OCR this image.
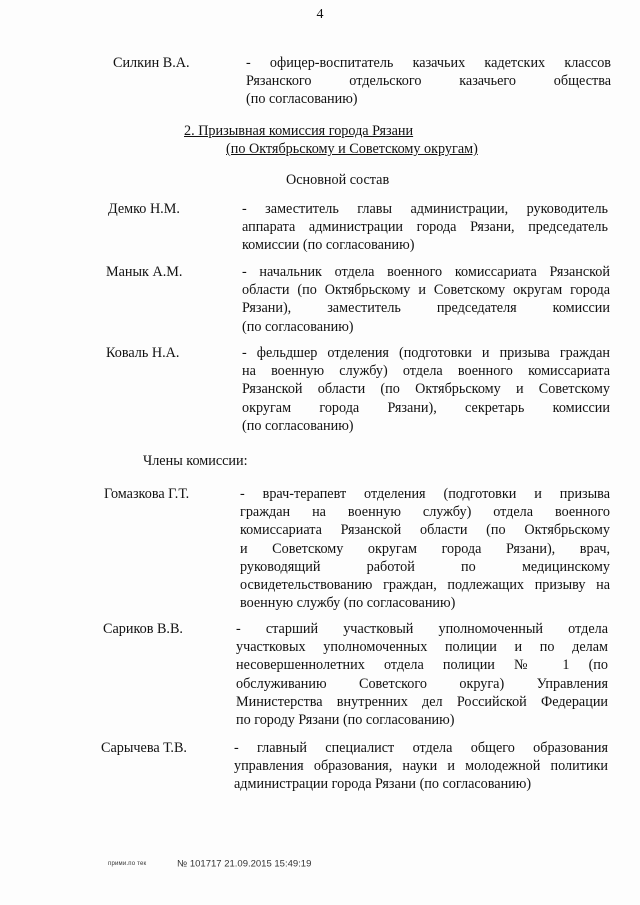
4
Силкин В.А.	- офицер-воспитатель казачьих кадетских классов
Рязанского отдельского казачьего общества
(по согласованию)
2. Призывная комиссия города Рязани
(по Октябрьскому и Советскому округам)
Основной состав
Демко Н.М.	- заместитель главы администрации, руководитель
аппарата администрации города Рязани, председатель
комиссии (по согласованию)
Манык А.М.	- начальник отдела военного комиссариата Рязанской
области (по Октябрьскому и Советскому округам города
Рязани), заместитель председателя комиссии
(по согласованию)
Коваль Н.А.	- фельдшер отделения (подготовки и призыва граждан
на военную службу) отдела военного комиссариата
Рязанской области (по Октябрьскому и Советскому
округам города Рязани), секретарь комиссии
(по согласованию)
Члены комиссии:
Гомазкова Г.Т.	- врач-терапевт отделения (подготовки и призыва
граждан на военную службу) отдела военного
комиссариата Рязанской области (по Октябрьскому
и Советскому округам города Рязани), врач,
руководящий работой по медицинскому
освидетельствованию граждан, подлежащих призыву на
военную службу (по согласованию)
Сариков В.В.	- старший участковый уполномоченный отдела
участковых уполномоченных полиции и по делам
несовершеннолетних отдела полиции № 1 (по
обслуживанию Советского округа) Управления
Министерства внутренних дел Российской Федерации
по городу Рязани (по согласованию)
Сарычева Т.В.	- главный специалист отдела общего образования
управления образования, науки и молодежной политики
администрации города Рязани (по согласованию)
прими.по тек	№ 101717 21.09.2015 15:49:19
